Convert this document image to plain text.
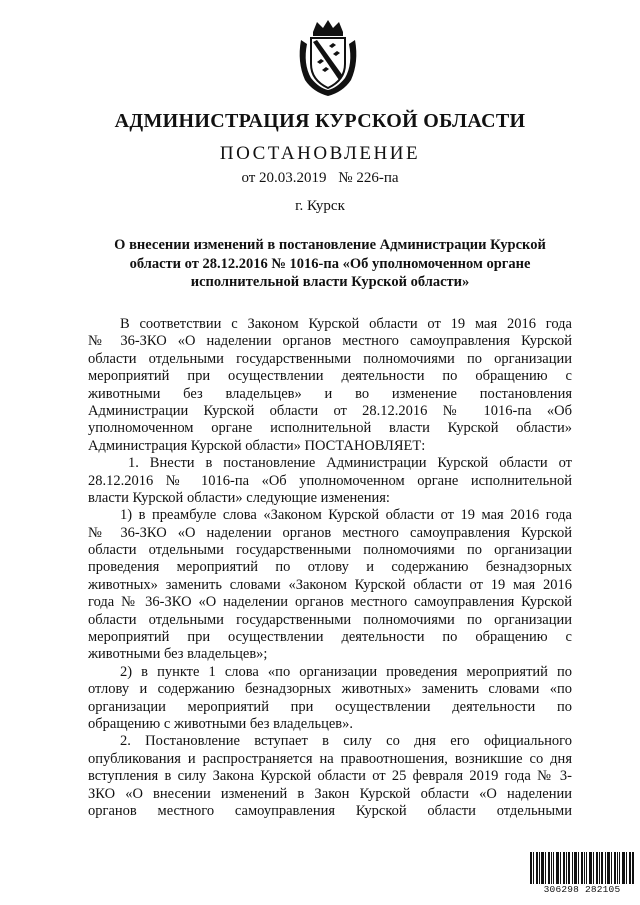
АДМИНИСТРАЦИЯ КУРСКОЙ ОБЛАСТИ
ПОСТАНОВЛЕНИЕ
от 20.03.2019 № 226-па
г. Курск
О внесении изменений в постановление Администрации Курской
области от 28.12.2016 № 1016-па «Об уполномоченном органе
исполнительной власти Курской области»
В соответствии с Законом Курской области от 19 мая 2016 года
№ 36-ЗКО «О наделении органов местного самоуправления Курской
области отдельными государственными полномочиями по организации
мероприятий при осуществлении деятельности по обращению с
животными без владельцев» и во изменение постановления
Администрации Курской области от 28.12.2016 № 1016-па «Об
уполномоченном органе исполнительной власти Курской области»
Администрация Курской области» ПОСТАНОВЛЯЕТ:
1. Внести в постановление Администрации Курской области от
28.12.2016 № 1016-па «Об уполномоченном органе исполнительной
власти Курской области» следующие изменения:
1) в преамбуле слова «Законом Курской области от 19 мая 2016 года
№ 36-ЗКО «О наделении органов местного самоуправления Курской
области отдельными государственными полномочиями по организации
проведения мероприятий по отлову и содержанию безнадзорных
животных» заменить словами «Законом Курской области от 19 мая 2016
года № 36-ЗКО «О наделении органов местного самоуправления Курской
области отдельными государственными полномочиями по организации
мероприятий при осуществлении деятельности по обращению с
животными без владельцев»;
2) в пункте 1 слова «по организации проведения мероприятий по
отлову и содержанию безнадзорных животных» заменить словами «по
организации мероприятий при осуществлении деятельности по
обращению с животными без владельцев».
2. Постановление вступает в силу со дня его официального
опубликования и распространяется на правоотношения, возникшие со дня
вступления в силу Закона Курской области от 25 февраля 2019 года № 3-
ЗКО «О внесении изменений в Закон Курской области «О наделении
органов местного самоуправления Курской области отдельными
306298 282105
